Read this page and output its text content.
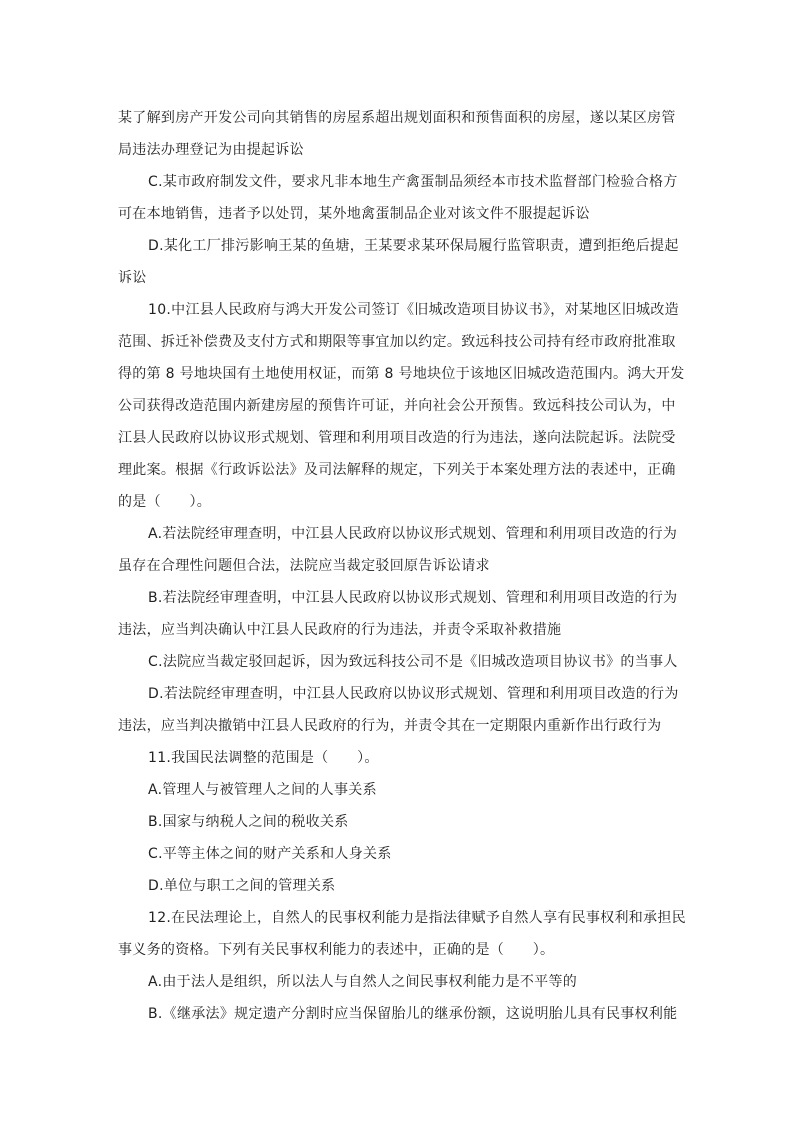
某了解到房产开发公司向其销售的房屋系超出规划面积和预售面积的房屋，遂以某区房管
局违法办理登记为由提起诉讼
C.某市政府制发文件，要求凡非本地生产禽蛋制品须经本市技术监督部门检验合格方
可在本地销售，违者予以处罚，某外地禽蛋制品企业对该文件不服提起诉讼
D.某化工厂排污影响王某的鱼塘，王某要求某环保局履行监管职责，遭到拒绝后提起
诉讼
10.中江县人民政府与鸿大开发公司签订《旧城改造项目协议书》，对某地区旧城改造
范围、拆迁补偿费及支付方式和期限等事宜加以约定。致远科技公司持有经市政府批准取
得的第 8 号地块国有土地使用权证，而第 8 号地块位于该地区旧城改造范围内。鸿大开发
公司获得改造范围内新建房屋的预售许可证，并向社会公开预售。致远科技公司认为，中
江县人民政府以协议形式规划、管理和利用项目改造的行为违法，遂向法院起诉。法院受
理此案。根据《行政诉讼法》及司法解释的规定，下列关于本案处理方法的表述中，正确
的是（　　）。
A.若法院经审理查明，中江县人民政府以协议形式规划、管理和利用项目改造的行为
虽存在合理性问题但合法，法院应当裁定驳回原告诉讼请求
B.若法院经审理查明，中江县人民政府以协议形式规划、管理和利用项目改造的行为
违法，应当判决确认中江县人民政府的行为违法，并责令采取补救措施
C.法院应当裁定驳回起诉，因为致远科技公司不是《旧城改造项目协议书》的当事人
D.若法院经审理查明，中江县人民政府以协议形式规划、管理和利用项目改造的行为
违法，应当判决撤销中江县人民政府的行为，并责令其在一定期限内重新作出行政行为
11.我国民法调整的范围是（　　）。
A.管理人与被管理人之间的人事关系
B.国家与纳税人之间的税收关系
C.平等主体之间的财产关系和人身关系
D.单位与职工之间的管理关系
12.在民法理论上，自然人的民事权利能力是指法律赋予自然人享有民事权利和承担民
事义务的资格。下列有关民事权利能力的表述中，正确的是（　　）。
A.由于法人是组织，所以法人与自然人之间民事权利能力是不平等的
B.《继承法》规定遗产分割时应当保留胎儿的继承份额，这说明胎儿具有民事权利能
